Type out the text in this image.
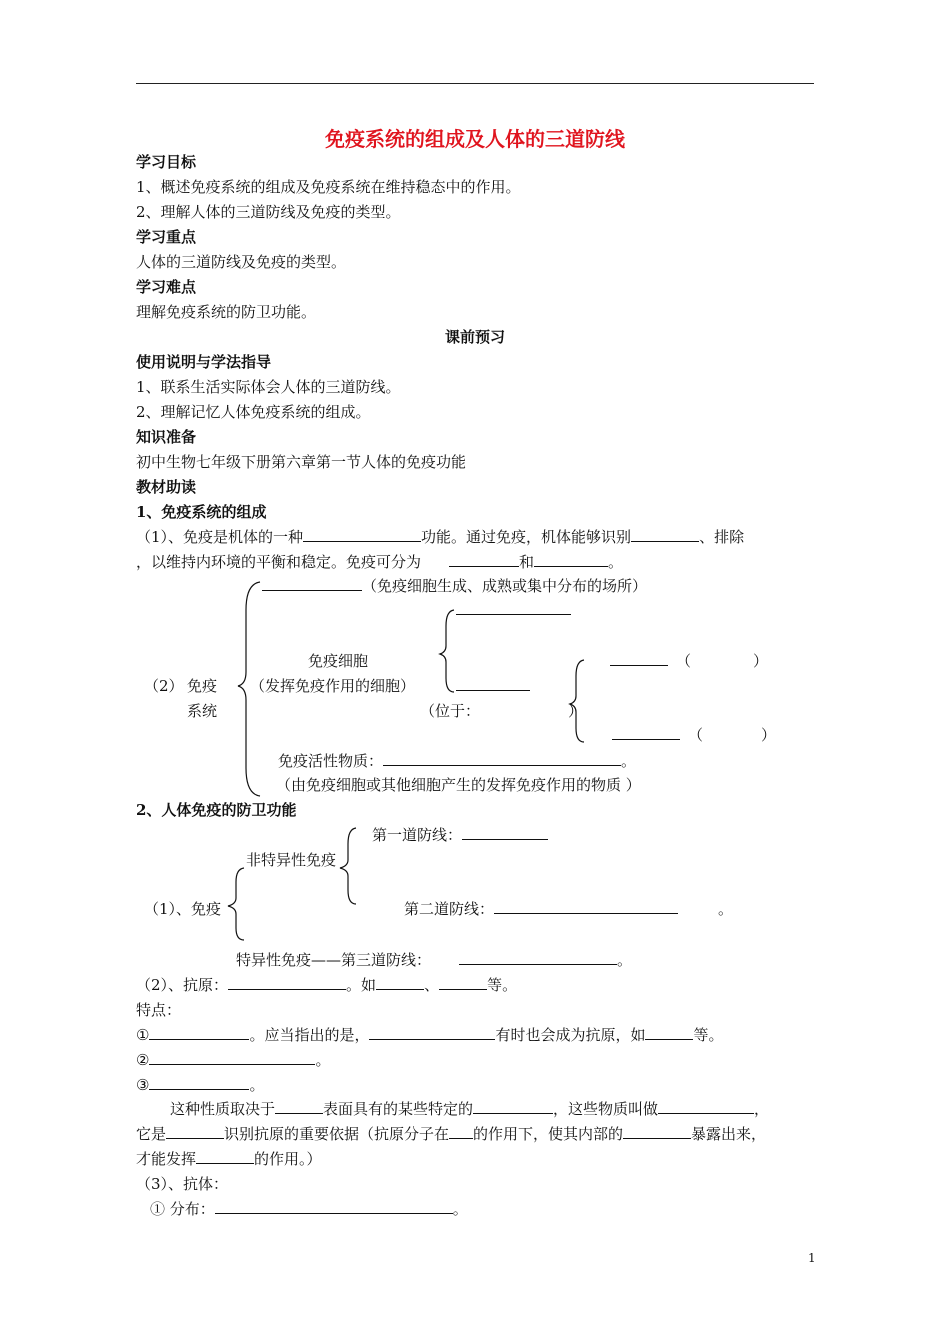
免疫系统的组成及人体的三道防线
学习目标
1、概述免疫系统的组成及免疫系统在维持稳态中的作用。
2、理解人体的三道防线及免疫的类型。
学习重点
人体的三道防线及免疫的类型。
学习难点
理解免疫系统的防卫功能。
课前预习
使用说明与学法指导
1、联系生活实际体会人体的三道防线。
2、理解记忆人体免疫系统的组成。
知识准备
初中生物七年级下册第六章第一节人体的免疫功能
教材助读
1、免疫系统的组成
（1）、免疫是机体的一种	功能。通过免疫，机体能够识别	、排除
，以维持内环境的平衡和稳定。免疫可分为	和	。
（免疫细胞生成、成熟或集中分布的场所）
（2） 免疫
系统
免疫细胞
（发挥免疫作用的细胞）
（位于：	）
（	）
（	）
免疫活性物质：	。
（由免疫细胞或其他细胞产生的发挥免疫作用的物质 ）
2、人体免疫的防卫功能
第一道防线：
非特异性免疫
（1）、免疫	第二道防线：	。
特异性免疫——第三道防线：	。
（2）、抗原：	。如	、	等。
特点：
①	。应当指出的是，	有时也会成为抗原，如	等。
②	。
③	。
这种性质取决于	表面具有的某些特定的	，这些物质叫做	，
它是	识别抗原的重要依据（抗原分子在 的作用下，使其内部的	暴露出来，
才能发挥	的作用。）
（3）、抗体：
① 分布：	。
1
